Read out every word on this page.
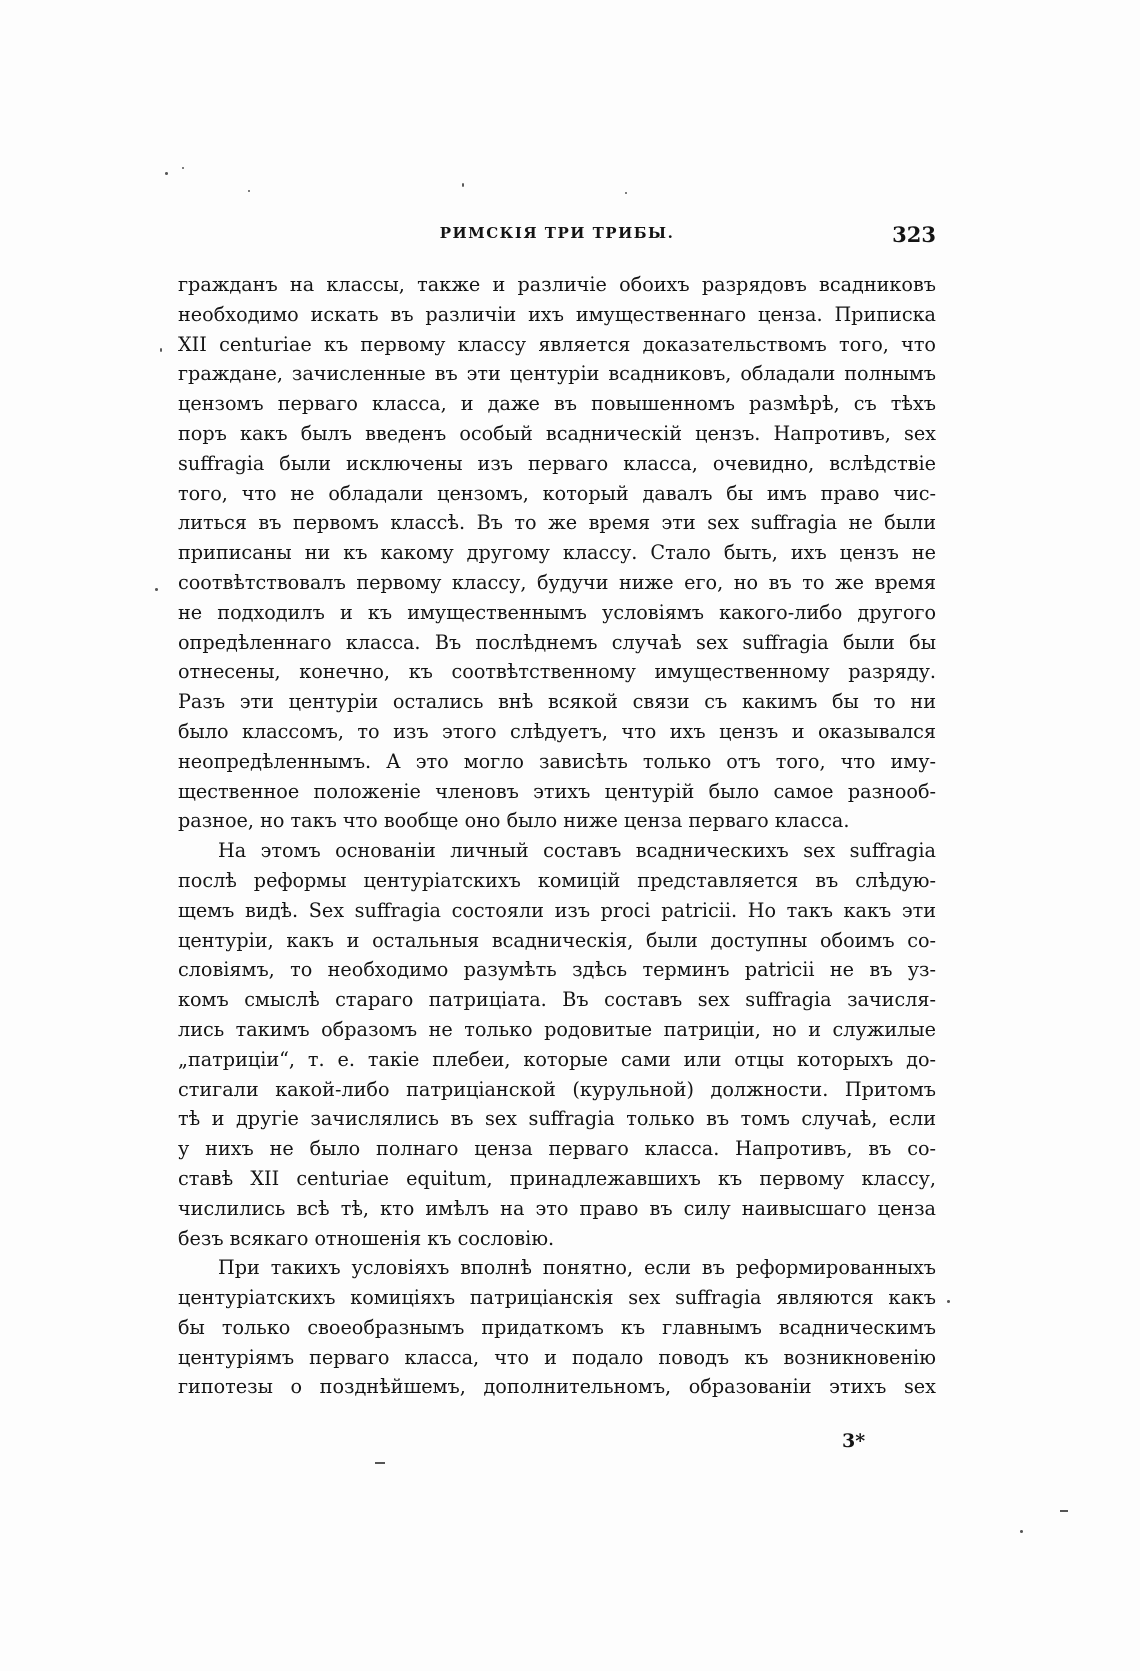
РИМСКІЯ ТРИ ТРИБЫ.	323
гражданъ на классы, также и различіе обоихъ разрядовъ всадниковъ
необходимо искать въ различіи ихъ имущественнаго ценза. Приписка
XII centuriae къ первому классу является доказательствомъ того, что
граждане, зачисленные въ эти центуріи всадниковъ, обладали полнымъ
цензомъ перваго класса, и даже въ повышенномъ размѣрѣ, съ тѣхъ
поръ какъ былъ введенъ особый всадническій цензъ. Напротивъ, sex
suffragia были исключены изъ перваго класса, очевидно, вслѣдствіе
того, что не обладали цензомъ, который давалъ бы имъ право чис-
литься въ первомъ классѣ. Въ то же время эти sex suffragia не были
приписаны ни къ какому другому классу. Стало быть, ихъ цензъ не
соотвѣтствовалъ первому классу, будучи ниже его, но въ то же время
не подходилъ и къ имущественнымъ условіямъ какого-либо другого
опредѣленнаго класса. Въ послѣднемъ случаѣ sex suffragia были бы
отнесены, конечно, къ соотвѣтственному имущественному разряду.
Разъ эти центуріи остались внѣ всякой связи съ какимъ бы то ни
было классомъ, то изъ этого слѣдуетъ, что ихъ цензъ и оказывался
неопредѣленнымъ. А это могло зависѣть только отъ того, что иму-
щественное положеніе членовъ этихъ центурій было самое разнооб-
разное, но такъ что вообще оно было ниже ценза перваго класса.
На этомъ основаніи личный составъ всадническихъ sex suffragia
послѣ реформы центуріатскихъ комицій представляется въ слѣдую-
щемъ видѣ. Sex suffragia состояли изъ proci patricii. Но такъ какъ эти
центуріи, какъ и остальныя всадническія, были доступны обоимъ со-
словіямъ, то необходимо разумѣть здѣсь терминъ patricii не въ уз-
комъ смыслѣ стараго патриціата. Въ составъ sex suffragia зачисля-
лись такимъ образомъ не только родовитые патриціи, но и служилые
„патриціи“, т. е. такіе плебеи, которые сами или отцы которыхъ до-
стигали какой-либо патриціанской (курульной) должности. Притомъ
тѣ и другіе зачислялись въ sex suffragia только въ томъ случаѣ, если
у нихъ не было полнаго ценза перваго класса. Напротивъ, въ со-
ставѣ XII centuriae equitum, принадлежавшихъ къ первому классу,
числились всѣ тѣ, кто имѣлъ на это право въ силу наивысшаго ценза
безъ всякаго отношенія къ сословію.
При такихъ условіяхъ вполнѣ понятно, если въ реформированныхъ
центуріатскихъ комиціяхъ патриціанскія sex suffragia являются какъ
бы только своеобразнымъ придаткомъ къ главнымъ всадническимъ
центуріямъ перваго класса, что и подало поводъ къ возникновенію
гипотезы о позднѣйшемъ, дополнительномъ, образованіи этихъ sex
3*
